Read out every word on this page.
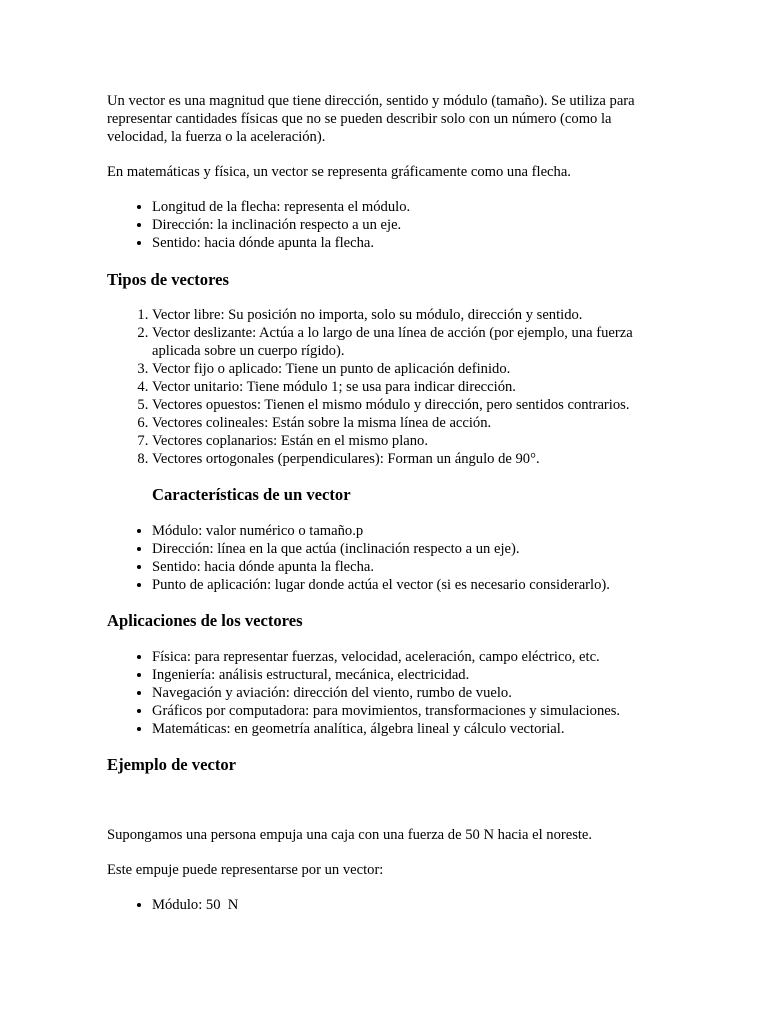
Un vector es una magnitud que tiene dirección, sentido y módulo (tamaño). Se utiliza para representar cantidades físicas que no se pueden describir solo con un número (como la velocidad, la fuerza o la aceleración).

En matemáticas y física, un vector se representa gráficamente como una flecha.

• Longitud de la flecha: representa el módulo.
• Dirección: la inclinación respecto a un eje.
• Sentido: hacia dónde apunta la flecha.
Tipos de vectores
1. Vector libre: Su posición no importa, solo su módulo, dirección y sentido.
2. Vector deslizante: Actúa a lo largo de una línea de acción (por ejemplo, una fuerza aplicada sobre un cuerpo rígido).
3. Vector fijo o aplicado: Tiene un punto de aplicación definido.
4. Vector unitario: Tiene módulo 1; se usa para indicar dirección.
5. Vectores opuestos: Tienen el mismo módulo y dirección, pero sentidos contrarios.
6. Vectores colineales: Están sobre la misma línea de acción.
7. Vectores coplanarios: Están en el mismo plano.
8. Vectores ortogonales (perpendiculares): Forman un ángulo de 90°.
Características de un vector
• Módulo: valor numérico o tamaño.p
• Dirección: línea en la que actúa (inclinación respecto a un eje).
• Sentido: hacia dónde apunta la flecha.
• Punto de aplicación: lugar donde actúa el vector (si es necesario considerarlo).
Aplicaciones de los vectores
• Física: para representar fuerzas, velocidad, aceleración, campo eléctrico, etc.
• Ingeniería: análisis estructural, mecánica, electricidad.
• Navegación y aviación: dirección del viento, rumbo de vuelo.
• Gráficos por computadora: para movimientos, transformaciones y simulaciones.
• Matemáticas: en geometría analítica, álgebra lineal y cálculo vectorial.
Ejemplo de vector

Supongamos una persona empuja una caja con una fuerza de 50 N hacia el noreste.

Este empuje puede representarse por un vector:

• Módulo: 50  N
